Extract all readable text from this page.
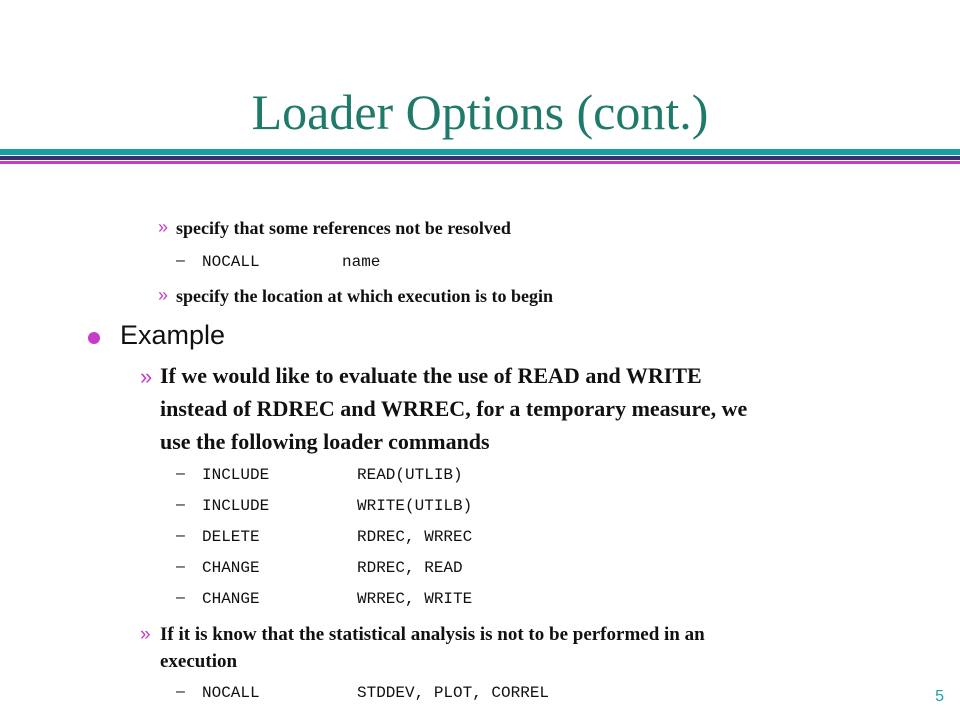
Loader Options (cont.)
» specify that some references not be resolved
– NOCALL	name
» specify the location at which execution is to begin
Example
» If we would like to evaluate the use of READ and WRITE
instead of RDREC and WRREC, for a temporary measure, we
use the following loader commands
– INCLUDE	READ(UTLIB)
– INCLUDE	WRITE(UTILB)
– DELETE	RDREC, WRREC
– CHANGE	RDREC, READ
– CHANGE	WRREC, WRITE
» If it is know that the statistical analysis is not to be performed in an
execution
– NOCALL	STDDEV, PLOT, CORREL	5
